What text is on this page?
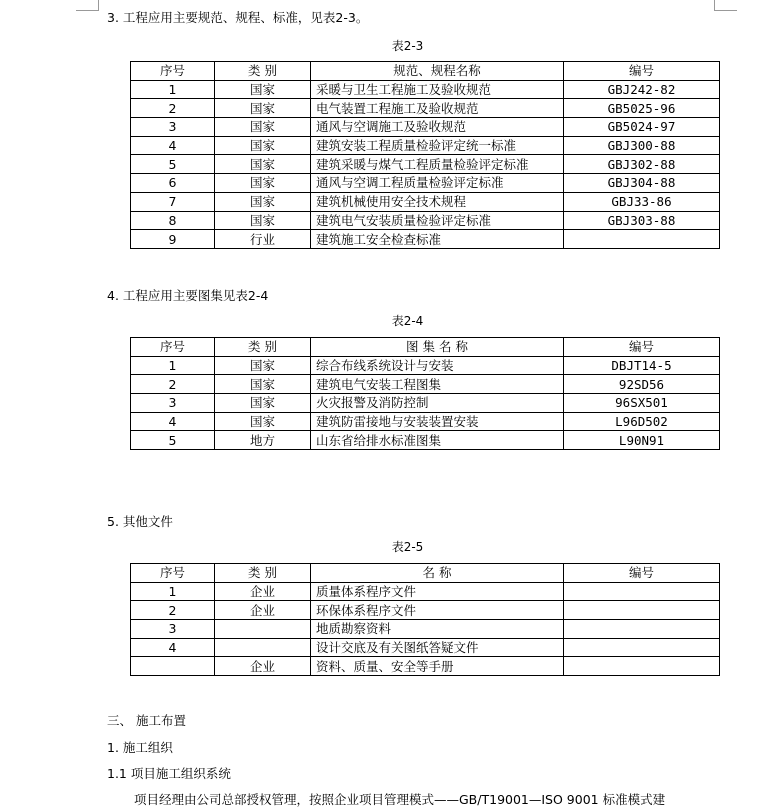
3. 工程应用主要规范、规程、标准，见表2-3。
表2-3
序号	类 别	规范、规程名称	编号
1	国家	采暖与卫生工程施工及验收规范	GBJ242-82
2	国家	电气装置工程施工及验收规范	GB5025-96
3	国家	通风与空调施工及验收规范	GB5024-97
4	国家	建筑安装工程质量检验评定统一标准	GBJ300-88
5	国家	建筑采暖与煤气工程质量检验评定标准	GBJ302-88
6	国家	通风与空调工程质量检验评定标准	GBJ304-88
7	国家	建筑机械使用安全技术规程	GBJ33-86
8	国家	建筑电气安装质量检验评定标准	GBJ303-88
9	行业	建筑施工安全检查标准	
4. 工程应用主要图集见表2-4
表2-4
序号	类 别	图 集 名 称	编号
1	国家	综合布线系统设计与安装	DBJT14-5
2	国家	建筑电气安装工程图集	92SD56
3	国家	火灾报警及消防控制	96SX501
4	国家	建筑防雷接地与安装装置安装	L96D502
5	地方	山东省给排水标准图集	L90N91
5. 其他文件
表2-5
序号	类 别	名 称	编号
1	企业	质量体系程序文件	
2	企业	环保体系程序文件	
3		地质勘察资料	
4		设计交底及有关图纸答疑文件	
	企业	资料、质量、安全等手册	
三、 施工布置
1. 施工组织
1.1 项目施工组织系统
项目经理由公司总部授权管理，按照企业项目管理模式——GB/T19001—ISO 9001 标准模式建
